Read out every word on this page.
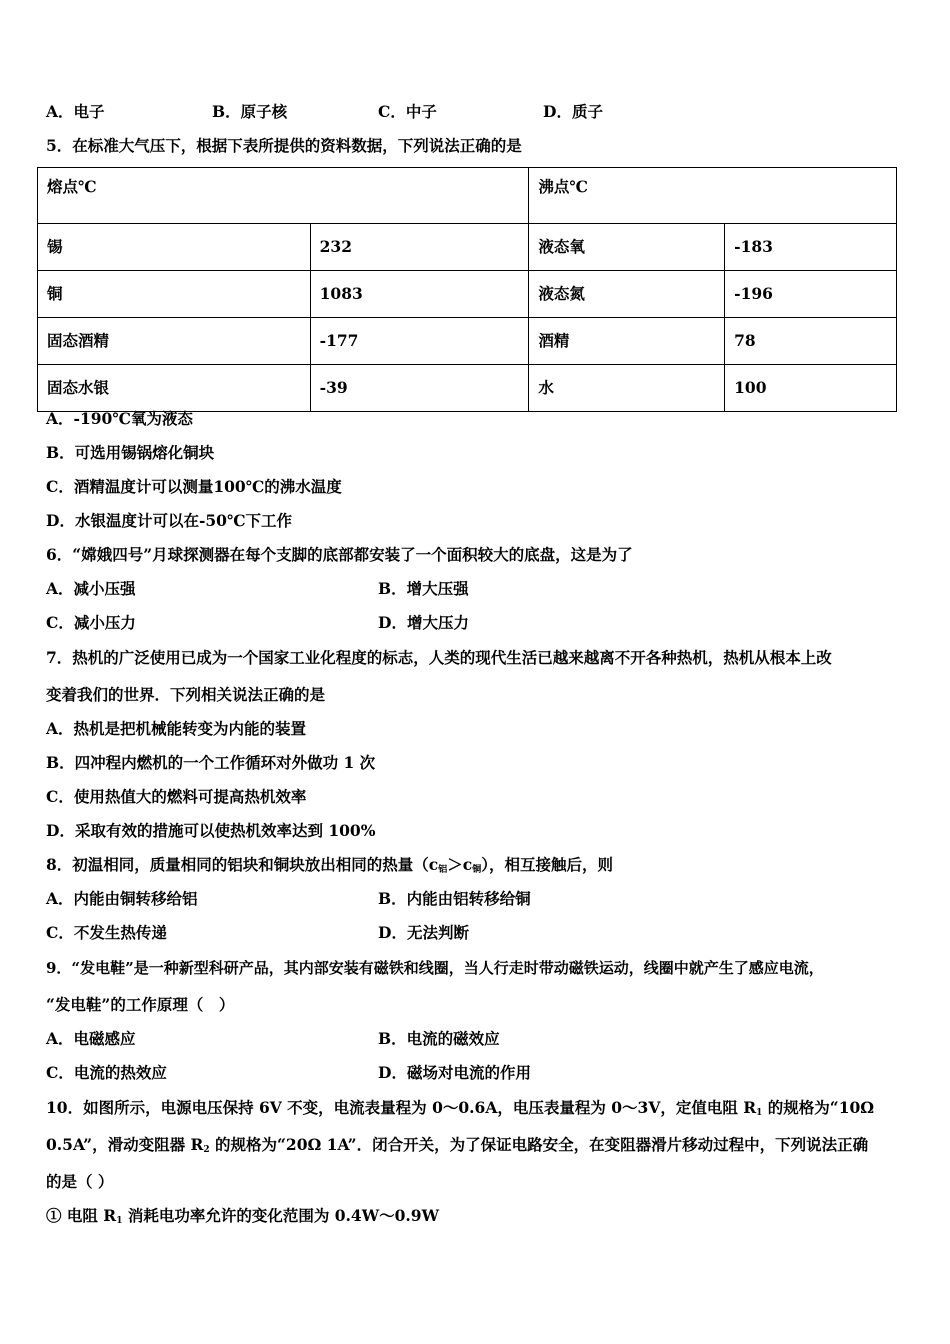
A．电子	B．原子核	C．中子	D．质子
5．在标准大气压下，根据下表所提供的资料数据，下列说法正确的是
熔点℃		沸点℃	
锡	232	液态氧	-183
铜	1083	液态氮	-196
固态酒精	-177	酒精	78
固态水银	-39	水	100
A．-190℃氧为液态
B．可选用锡锅熔化铜块
C．酒精温度计可以测量100℃的沸水温度
D．水银温度计可以在-50℃下工作
6．“嫦娥四号”月球探测器在每个支脚的底部都安装了一个面积较大的底盘，这是为了
A．减小压强	B．增大压强
C．减小压力	D．增大压力
7．热机的广泛使用已成为一个国家工业化程度的标志，人类的现代生活已越来越离不开各种热机，热机从根本上改
变着我们的世界．下列相关说法正确的是
A．热机是把机械能转变为内能的装置
B．四冲程内燃机的一个工作循环对外做功 1 次
C．使用热值大的燃料可提高热机效率
D．采取有效的措施可以使热机效率达到 100%
8．初温相同，质量相同的铝块和铜块放出相同的热量$(c_铝>c_铜)$，相互接触后，则
A．内能由铜转移给铝	B．内能由铝转移给铜
C．不发生热传递	D．无法判断
9．“发电鞋”是一种新型科研产品，其内部安装有磁铁和线圈，当人行走时带动磁铁运动，线圈中就产生了感应电流，
“发电鞋”的工作原理（　）
A．电磁感应	B．电流的磁效应
C．电流的热效应	D．磁场对电流的作用
10．如图所示，电源电压保持 6V 不变，电流表量程为 0～0.6A，电压表量程为 0～3V，定值电阻 $R_1$ 的规格为“10Ω
0.5A”，滑动变阻器 $R_2$ 的规格为“20Ω 1A”．闭合开关，为了保证电路安全，在变阻器滑片移动过程中，下列说法正确
的是（ ）
① 电阻 $R_1$ 消耗电功率允许的变化范围为 0.4W～0.9W
